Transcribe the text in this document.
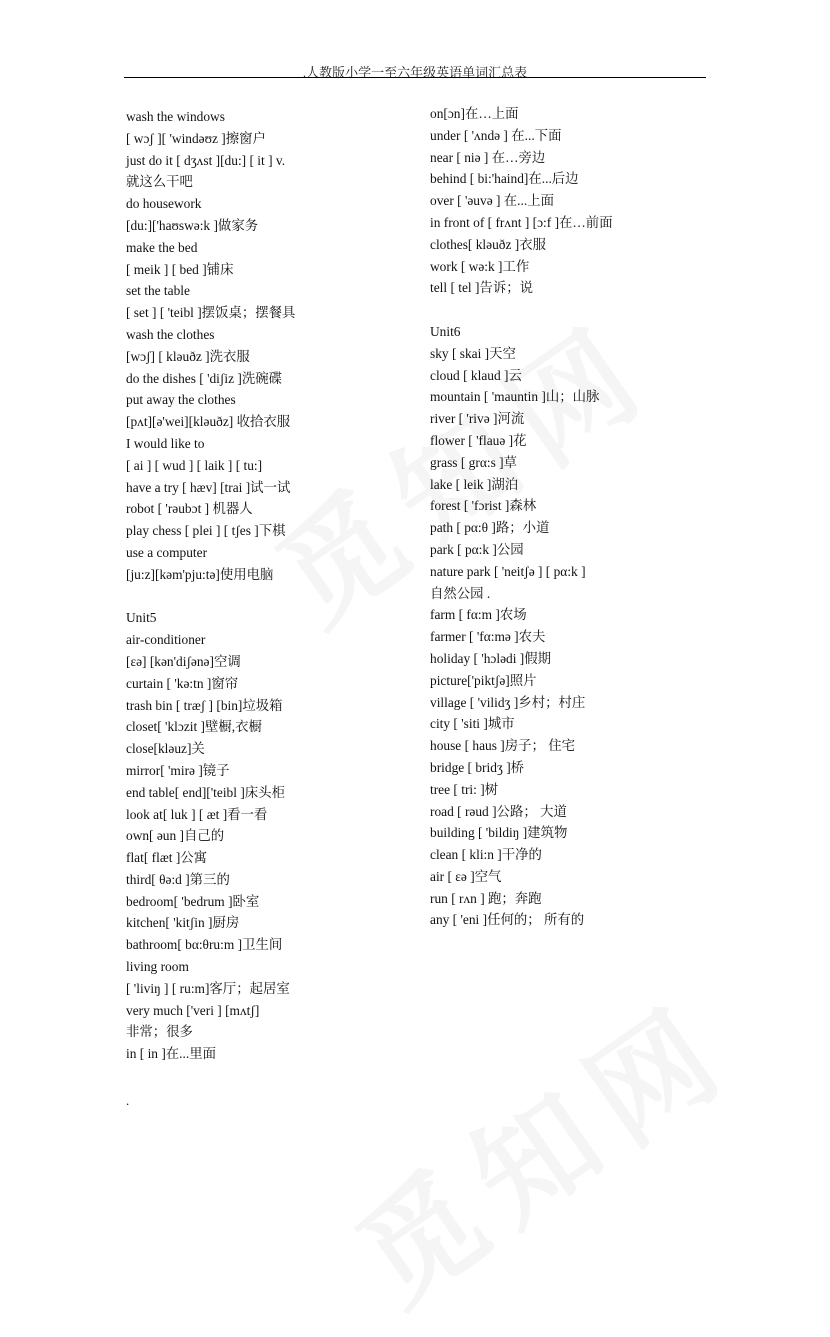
.人教版小学一至六年级英语单词汇总表
wash the windows
[ wɔʃ ][ 'windəʊz ]擦窗户
just do it [ dʒʌst ][du:] [ it ] v.
就这么干吧
do housework
[du:]['haʊswə:k ]做家务
make the bed
[ meik ] [ bed ]铺床
set the table
[ set ] [ 'teibl ]摆饭桌；摆餐具
wash the clothes
[wɔʃ] [ kləuðz ]洗衣服
do the dishes [ 'diʃiz ]洗碗碟
put away the clothes
[pʌt][ə'wei][kləuðz] 收拾衣服
I would like to
[ ai ] [ wud ] [ laik ] [ tu:]
have a try [ hæv] [trai ]试一试
robot [ 'rəubɔt ] 机器人
play chess [ plei ] [ tʃes ]下棋
use a computer
[ju:z][kəm'pju:tə]使用电脑
Unit5
air-conditioner
[εə] [kən'diʃənə]空调
curtain [ 'kə:tn ]窗帘
trash bin [ træʃ ] [bin]垃圾箱
closet[ 'klɔzit ]壁橱,衣橱
close[kləuz]关
mirror[ 'mirə ]镜子
end table[ end]['teibl ]床头柜
look at[ luk ] [ æt ]看一看
own[ əun ]自己的
flat[ flæt ]公寓
third[ θə:d ]第三的
bedroom[ 'bedrum ]卧室
kitchen[ 'kitʃin ]厨房
bathroom[ bα:θru:m ]卫生间
living room
[ 'liviŋ ] [ ru:m]客厅；起居室
very much ['veri ] [mʌtʃ]
非常；很多
in [ in ]在...里面
on[ɔn]在…上面
under [ 'ʌndə ] 在...下面
near [ niə ] 在…旁边
behind [ bi:'haind]在...后边
over [ 'əuvə ] 在...上面
in front of [ frʌnt ] [ɔ:f ]在…前面
clothes[ kləuðz ]衣服
work [ wə:k ]工作
tell [ tel ]告诉；说
Unit6
sky [ skai ]天空
cloud [ klaud ]云
mountain [ 'mauntin ]山；山脉
river [ 'rivə ]河流
flower [ 'flauə ]花
grass [ grα:s ]草
lake [ leik ]湖泊
forest [ 'fɔrist ]森林
path [ pα:θ ]路；小道
park [ pα:k ]公园
nature park [ 'neitʃə ] [ pα:k ]
自然公园 .
farm [ fα:m ]农场
farmer [ 'fα:mə ]农夫
holiday [ 'hɔlədi ]假期
picture['piktʃə]照片
village [ 'vilidʒ ]乡村；村庄
city [ 'siti ]城市
house [ haus ]房子； 住宅
bridge [ bridʒ ]桥
tree [ tri: ]树
road [ rəud ]公路； 大道
building [ 'bildiŋ ]建筑物
clean [ kli:n ]干净的
air [ εə ]空气
run [ rʌn ] 跑；奔跑
any [ 'eni ]任何的； 所有的
.
